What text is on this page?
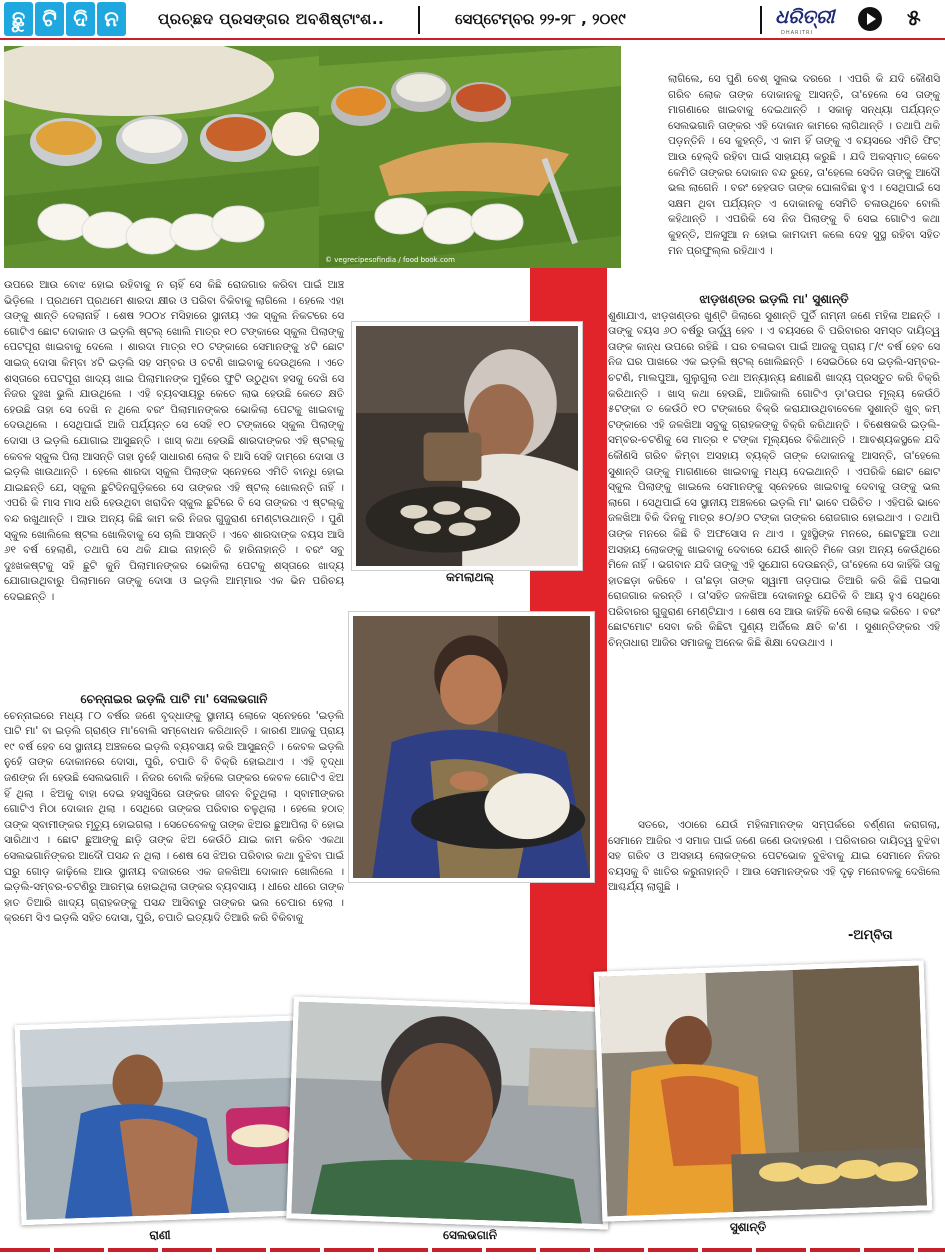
ଛୁ ଟି ଦି ନ	ପ୍ରଚ୍ଛଦ ପ୍ରସଙ୍ଗର ଅବଶିଷ୍ଟାଂଶ..	ସେପ୍ଟେମ୍ବର ୨୨-୨୮ , ୨୦୧୯	ଧରିତ୍ରୀ
DHARITRI
୫
© vegrecipesofindia / food book.com
କମଲାଥଲ୍‌
ଶାରଦା

ଉପରେ ଆଉ ବୋଝ ହୋଇ ରହିବାକୁ ନ ଚାହିଁ ସେ କିଛି ରୋଜଗାର କରିବା ପାଇଁ ଆଞ୍ଚ ଭିଡ଼ିଲେ । ପ୍ରଥମେ ପ୍ରଥମେ ଶାରଦା କ୍ଷୀର ଓ ପରିବା ବିକିବାକୁ ଲାଗିଲେ । ହେଲେ ଏହା ତାଙ୍କୁ ଶାନ୍ତି ଦେଲାନାହିଁ । ଶେଷ ୨୦୦୪ ମସିହାରେ ସ୍ଥାନୀୟ ଏକ ସ୍କୁଲ ନିକଟରେ ସେ ଗୋଟିଏ ଛୋଟ ଦୋକାନ ଓ ଇଡ଼ଲି ଷ୍ଟଲ୍ ଖୋଲି ମାତ୍ର ୧୦ ଟଙ୍କାରେ ସ୍କୁଲ ପିଲାଙ୍କୁ ପେଟପୂରା ଖାଇବାକୁ ଦେଲେ । ଶାରଦା ମାତ୍ର ୧୦ ଟଙ୍କାରେ ସେମାନଙ୍କୁ ୪ଟି ଛୋଟ ସାଇଜ୍ ଦୋସା କିମ୍ବା ୪ଟି ଇଡ଼ଲି ସହ ସମ୍ବର ଓ ଚଟଣି ଖାଇବାକୁ ଦେଉଥିଲେ । ଏତେ ଶସ୍ତାରେ ପେଟପୂରା ଖାଦ୍ୟ ଖାଇ ପିଲାମାନଙ୍କ ମୁହଁରେ ଫୁଟି ଉଠୁଥିବା ହସକୁ ଦେଖି ସେ ନିଜର ଦୁଃଖ ଭୁଲି ଯାଉଥିଲେ । ଏହି ବ୍ୟବସାୟରୁ କେତେ ଲାଭ ହେଉଛି କେତେ କ୍ଷତି ହେଉଛି ତାହା ସେ ଦେଖି ନ ଥିଲେ ବରଂ ପିଲାମାନଙ୍କର ଭୋକିଲା ପେଟକୁ ଖାଇବାକୁ ଦେଉଥିଲେ । ସେଥିପାଇଁ ଆଜି ପର୍ଯ୍ୟନ୍ତ ସେ ସେହି ୧୦ ଟଙ୍କାରେ ସ୍କୁଲ ପିଲାଙ୍କୁ ଦୋସା ଓ ଇଡ଼ଲି ଯୋଗାଇ ଆସୁଛନ୍ତି । ଖାସ୍ କଥା ହେଉଛି ଶାରଦାଙ୍କର ଏହି ଷ୍ଟଲ୍‌କୁ କେବଳ ସ୍କୁଲ ପିଲା ଆସନ୍ତି ତାହା ନୁହେଁ ସାଧାରଣ ଲୋକ ବି ଆସି ସେହି ଦାମ୍‌ରେ ଦୋସା ଓ ଇଡ଼ଲି ଖାଉଥାନ୍ତି । ହେଲେ ଶାରଦା ସ୍କୁଲ ପିଲାଙ୍କ ସ୍ନେହରେ ଏମିତି ବାନ୍ଧି ହୋଇ ଯାଇଛନ୍ତି ଯେ, ସ୍କୁଲ ଛୁଟିଦିନଗୁଡ଼ିକରେ ସେ ତାଙ୍କର ଏହି ଷ୍ଟଲ୍ ଖୋଲନ୍ତି ନାହିଁ । ଏପରି କି ମାସ ମାସ ଧରି ହେଉଥିବା ଖରାଦିନ ସ୍କୁଲ ଛୁଟିରେ ବି ସେ ତାଙ୍କର ଏ ଷ୍ଟଲ୍‌କୁ ବନ୍ଦ ରଖୁଥାନ୍ତି । ଆଉ ଅନ୍ୟ କିଛି କାମ କରି ନିଜର ଗୁଜୁରାଣ ମେଣ୍ଟାଉଥାନ୍ତି । ପୁଣି ସ୍କୁଲ ଖୋଲିଲେ ଷ୍ଟଲ ଖୋଲିବାକୁ ସେ ଚାଲି ଆସନ୍ତି । ଏବେ ଶାରଦାଙ୍କ ବୟସ ଆସି ୬୧ ବର୍ଷ ହେଲାଣି, ତଥାପି ସେ ଥକି ଯାଇ ନାହାନ୍ତି କି ହାରିନାହାନ୍ତି । ବରଂ ସବୁ ଦୁଃଖକଷ୍ଟକୁ ସହି ଛୁଟି କୁନି ପିଲାମାନଙ୍କର ଭୋକିଲା ପେଟକୁ ଶସ୍ତାରେ ଖାଦ୍ୟ ଯୋଗାଉଥିବାରୁ ପିଲାମାନେ ତାଙ୍କୁ ଦୋସା ଓ ଇଡ଼ଲି ଆମ୍ମାର ଏକ ଭିନ ପରିଚୟ ଦେଇଛନ୍ତି ।

ଚେନ୍ନାଇର ଇଡ଼ଲି ପାଟି ମା' ସେଲଭଗାନି

ଚେନ୍ନାଇରେ ମଧ୍ୟ ୮୦ ବର୍ଷର ଜଣେ ବୃଦ୍ଧାଙ୍କୁ ସ୍ଥାନୀୟ ଲୋକେ ସ୍ନେହରେ 'ଇଡ଼ଲି ପାଟି ମା' ବା ଇଡ଼ଲି ଗ୍ରାଣ୍ଡ ମା'ବୋଲି ସମ୍ବୋଧନ କରିଥାନ୍ତି । କାରଣ ଆଜକୁ ପ୍ରାୟ ୧୯ ବର୍ଷ ହେବ ସେ ସ୍ଥାନୀୟ ଅଞ୍ଚଳରେ ଇଡ଼ଲି ବ୍ୟବସାୟ କରି ଆସୁଛନ୍ତି । କେବଳ ଇଡ଼ଲି ନୁହେଁ ତାଙ୍କ ଦୋକାନରେ ଦୋସା, ପୁରି, ଚପାତି ବି ବିକ୍ରି ହୋଇଥାଏ । ଏହି ବୃଦ୍ଧା ଜଣଙ୍କ ନାଁ ହେଉଛି ସେଲଭଗାନି । ନିଜର ବୋଲି କହିଲେ ତାଙ୍କର କେବଳ ଗୋଟିଏ ଝିଅ ହିଁ ଥିଲା । ଝିଅକୁ ବାହା ଦେଇ ହସଖୁସିରେ ତାଙ୍କର ଜୀବନ ବିତୁଥିଲା । ସ୍ବାମୀଙ୍କର ଗୋଟିଏ ମିଠା ଦୋକାନ ଥିଲା । ସେଥିରେ ତାଙ୍କର ପରିବାର ଚଳୁଥିଲା । ହେଲେ ହଠାତ୍ ତାଙ୍କ ସ୍ବାମୀଙ୍କର ମୃତ୍ୟୁ ହୋଇଗଲା । ସେତେବେଳକୁ ତାଙ୍କ ଝିଅର ଛୁଆପିଲା ବି ହୋଇ ସାରିଥାଏ । ଛୋଟ ଛୁଆଙ୍କୁ ଛାଡ଼ି ତାଙ୍କ ଝିଅ କେଉଁଠି ଯାଇ କାମ କରିବ ଏକଥା ସେଲଭଗାନିଙ୍କର ଆଦୌ ପସନ୍ଦ ନ ଥିଲା । ଶେଷ ସେ ଝିଅର ପରିବାର କଥା ବୁଝିବା ପାଇଁ ଘରୁ ଗୋଡ଼ କାଢ଼ିଲେ ଆଉ ସ୍ଥାନୀୟ ବଜାରରେ ଏକ ଜଳଖିଆ ଦୋକାନ ଖୋଲିଲେ । ଇଡ଼ଲି-ସମ୍ବର-ଚଟଣିରୁ ଆରମ୍ଭ ହୋଇଥିଲା ତାଙ୍କର ବ୍ୟବସାୟ । ଧୀରେ ଧୀରେ ତାଙ୍କ ହାତ ତିଆରି ଖାଦ୍ୟ ଗ୍ରାହକଙ୍କୁ ପସନ୍ଦ ଆସିବାରୁ ତାଙ୍କର ଭଲ ଚେପାର ହେଲା । କ୍ରମେ ସିଏ ଇଡ଼ଲି ସହିତ ଦୋସା, ପୁରି, ଚପାତି ଇତ୍ୟାଦି ତିଆରି କରି ବିକିବାକୁ

ଲାଗିଲେ, ସେ ପୁଣି ବେଶ୍ ସୁଲଭ ଦରରେ । ଏପରି କି ଯଦି କୌଣସି ଗରିବ ଲୋକ ତାଙ୍କ ଦୋକାନକୁ ଆସନ୍ତି, ତା'ହେଲେ ସେ ତାଙ୍କୁ ମାଗଣାରେ ଖାଇବାକୁ ଦେଇଥାନ୍ତି । ସକାଳୁ ସନ୍ଧ୍ୟା ପର୍ଯ୍ୟନ୍ତ ସେଲଭଗାନି ତାଙ୍କର ଏହି ଦୋକାନ କାମରେ ଲାଗିଥାନ୍ତି । ତଥାପି ଥକି ପଡ଼ନ୍ତିନି । ସେ କୁହନ୍ତି, ଏ କାମ ହିଁ ତାଙ୍କୁ ଏ ବୟସରେ ଏମିତି ଫିଟ୍ ଆଉ ହେଲ୍‌ଦି ରହିବା ପାଇଁ ସାହାଯ୍ୟ କରୁଛି । ଯଦି ଅକସ୍ମାତ୍ କେବେ କେମିତି ତାଙ୍କର ଦୋକାନ ବନ୍ଦ ରୁହେ, ତା'ହେଲେ ସେଦିନ ତାଙ୍କୁ ଆଦୌ ଭଲ ଲାଗେନି । ବରଂ ହେହତାତ ତାଙ୍କ ଘୋଳାବିଛା ହୁଏ । ସେଥିପାଇଁ ସେ ସକ୍ଷମ ଥିବା ପର୍ଯ୍ୟନ୍ତ ଏ ଦୋକାନକୁ ସେମିତି ଚଳାଉଥିବେ ବୋଲି କହିଥାନ୍ତି । ଏପରିକି ସେ ନିଜ ପିଲାଙ୍କୁ ବି ସେଇ ଗୋଟିଏ କଥା କୁହନ୍ତି, ଅଳସୁଆ ନ ହୋଇ କାମଦାମ କଲେ ଦେହ ସୁସ୍ଥ ରହିବା ସହିତ ମନ ପ୍ରଫୁଲ୍ଲ ରହିଥାଏ ।

ଝାଡ଼ଖଣ୍ଡର ଇଡ଼ଲି ମା' ସୁଶାନ୍ତି

ଶୁଣାଯାଏ, ଝାଡ଼ଖଣ୍ଡର ଖୁଣ୍ଟି ଜିଲାରେ ସୁଶାନ୍ତି ପୁର୍ତି ନାମ୍ନୀ ଜଣେ ମହିଳା ଅଛନ୍ତି । ତାଙ୍କୁ ବୟସ ୬୦ ବର୍ଷରୁ ଊର୍ଦ୍ଧ୍ୱ ହେବ । ଏ ବୟସରେ ବି ପରିବାରର ସମସ୍ତ ଦାୟିତ୍ୱ ତାଙ୍କ କାନ୍ଧ ଉପରେ ରହିଛି । ଘର ଚଳାଇବା ପାଇଁ ଆଜକୁ ପ୍ରାୟ ୮/୯ ବର୍ଷ ହେବ ସେ ନିଜ ଘର ପାଖରେ ଏକ ଇଡ଼ଲି ଷ୍ଟଲ୍ ଖୋଲିଛନ୍ତି । ସେଇଠିରେ ସେ ଇଡ଼ଲି-ସମ୍ବର-ଚଟଣି, ମାଲପୁଆ, ଗୁଲୁଗୁଲା ତଥା ଅନ୍ୟାନ୍ୟ ଛଣାଛଣି ଖାଦ୍ୟ ପ୍ରସ୍ତୁତ କରି ବିକ୍ରି କରିଥାନ୍ତି । ଖାସ୍ କଥା ହେଉଛି, ଆଜିକାଲି ଗୋଟିଏ ଡ଼ା'ଉପର ମୂଲ୍ୟ କେଉଁଠି ୫ଟଙ୍କା ତ କେଉଁଠି ୧୦ ଟଙ୍କାରେ ବିକ୍ରି କରାଯାଉଥିବାବେଳେ ସୁଶାନ୍ତି ଖୁବ୍ କମ୍ ଟଙ୍କାରେ ଏହି ଜଳଖିଆ ସବୁକୁ ଗ୍ରାହକଙ୍କୁ ବିକ୍ରି କରିଥାନ୍ତି । ବିଶେଷକରି ଇଡ଼ଲି-ସମ୍ବର-ଚଟଣିକୁ ସେ ମାତ୍ର ୧ ଟଙ୍କା ମୂଲ୍ୟରେ ବିକିଥାନ୍ତି । ଆବଶ୍ୟକସ୍ଥଳେ ଯଦି କୌଣସି ଗରିବ କିମ୍ବା ଅସହାୟ ବ୍ୟକ୍ତି ତାଙ୍କ ଦୋକାନକୁ ଆସନ୍ତି, ତା'ହେଲେ ସୁଶାନ୍ତି ତାଙ୍କୁ ମାଗଣାରେ ଖାଇବାକୁ ମଧ୍ୟ ଦେଇଥାନ୍ତି । ଏପରିକି ଛୋଟ ଛୋଟ ସ୍କୁଲ ପିଲାଙ୍କୁ ଖାଇଲେ ସେମାନଙ୍କୁ ସ୍ନେହରେ ଖାଇବାକୁ ଦେବାକୁ ତାଙ୍କୁ ଭଲ ଲାଗେ । ସେଥିପାଇଁ ସେ ସ୍ଥାନୀୟ ଅଞ୍ଚଳରେ ଇଡ଼ଲି ମା' ଭାବେ ପରିଚିତ । ଏହିପରି ଭାବେ ଜଳଖିଆ ବିକି ଦିନକୁ ମାତ୍ର ୫୦/୬୦ ଟଙ୍କା ତାଙ୍କର ରୋଜଗାର ହୋଇଥାଏ । ତଥାପି ତାଙ୍କ ମନରେ କିଛି ବି ଅଫସୋସ ନ ଥାଏ । ଦୁଃସ୍ଥିଙ୍କ ମନରେ, ଛୋଟଛୁଆ ତଥା ଅସହାୟ ଲୋକଙ୍କୁ ଖାଇବାକୁ ଦେବାରେ ଯେଉଁ ଶାନ୍ତି ମିଳେ ତାହା ଅନ୍ୟ କେଉଁଥିରେ ମିଳେ ନାହିଁ । ଭଗବାନ ଯଦି ତାଙ୍କୁ ଏହି ସୁଯୋଗ ଦେଉଛନ୍ତି, ତା'ହେଲେ ସେ କାହିଁକି ତାକୁ ହାତଛଡ଼ା କରିବେ । ତା'ଛଡ଼ା ତାଙ୍କ ସ୍ୱାମୀ ତାଡ଼ପାଇ ତିଆରି କରି କିଛି ପଇସା ରୋଜଗାର କରନ୍ତି । ତା'ସହିତ ଜଳଖିଆ ଦୋକାନରୁ ଯେତିକି ବି ଆୟ ହୁଏ ସେଥିରେ ପରିବାରର ଗୁଜୁରାଣ ମେଣ୍ଟିଯାଏ । ଶେଷ ସେ ଆଉ କାହିଁକି ବେଶି ଲୋଭ କରିବେ । ବରଂ ଛୋଟମୋଟ ସେବା କରି କିଛିଟା ପୁଣ୍ୟ ଅର୍ଜିଲେ କ୍ଷତି କ'ଣ । ସୁଶାନ୍ତିଙ୍କର ଏହି ଚିନ୍ତାଧାରା ଆଜିର ସମାଜକୁ ଅନେକ କିଛି ଶିକ୍ଷା ଦେଉଥାଏ ।

ସତରେ, ଏଠାରେ ଯେଉଁ ମହିଳାମାନଙ୍କ ସମ୍ପର୍କରେ ବର୍ଣ୍ଣନା କରାଗଲା, ସେମାନେ ଆଜିର ଏ ସମାଜ ପାଇଁ ଜଣେ ଜଣେ ଉଦାହରଣ । ପରିବାରର ଦାୟିତ୍ୱ ବୁଝିବା ସହ ଗରିବ ଓ ଅସହାୟ ଲୋକଙ୍କର ପେଟଭୋକ ବୁଝିବାକୁ ଯାଇ ସେମାନେ ନିଜର ବୟସକୁ ବି ଖାତିର କରୁନାହାନ୍ତି । ଆଉ ସେମାନଙ୍କର ଏହି ଦୃଢ଼ ମନୋବଳକୁ ଦେଖିଲେ ଆଶ୍ଚର୍ଯ୍ୟ ଲାଗୁଛି ।

-ଅମ୍ବିତା
ରାଣୀ	ସେଲଭଗାନି
ସୁଶାନ୍ତି
